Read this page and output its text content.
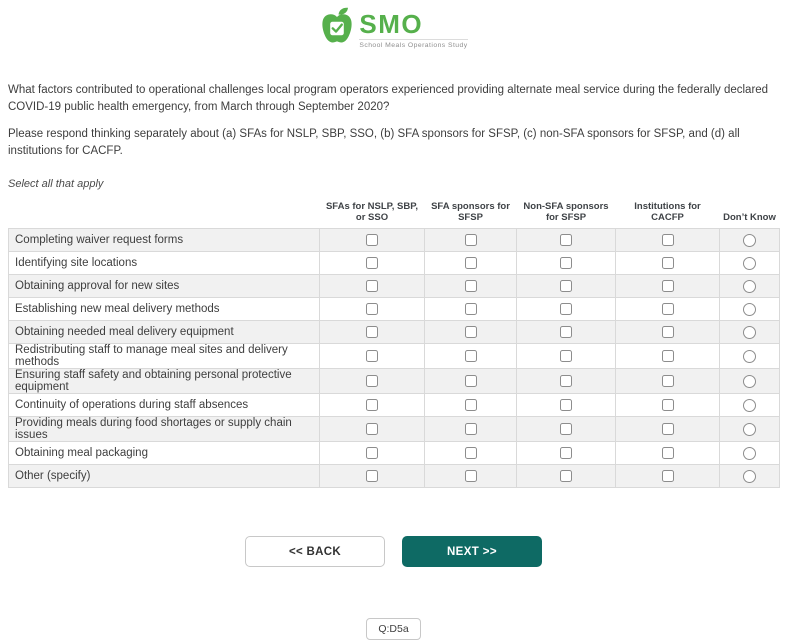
SMO
School Meals Operations Study

What factors contributed to operational challenges local program operators experienced providing alternate meal service during the federally declared COVID-19 public health emergency, from March through September 2020?

Please respond thinking separately about (a) SFAs for NSLP, SBP, SSO, (b) SFA sponsors for SFSP, (c) non-SFA sponsors for SFSP, and (d) all institutions for CACFP.

Select all that apply
	SFAs for NSLP, SBP, or SSO	SFA sponsors for SFSP	Non-SFA sponsors for SFSP	Institutions for CACFP	Don’t Know
Completing waiver request forms					
Identifying site locations					
Obtaining approval for new sites					
Establishing new meal delivery methods					
Obtaining needed meal delivery equipment					
Redistributing staff to manage meal sites and delivery methods					
Ensuring staff safety and obtaining personal protective equipment					
Continuity of operations during staff absences					
Providing meals during food shortages or supply chain issues					
Obtaining meal packaging					
Other (specify)					
<< BACK	NEXT >>
Q:D5a
